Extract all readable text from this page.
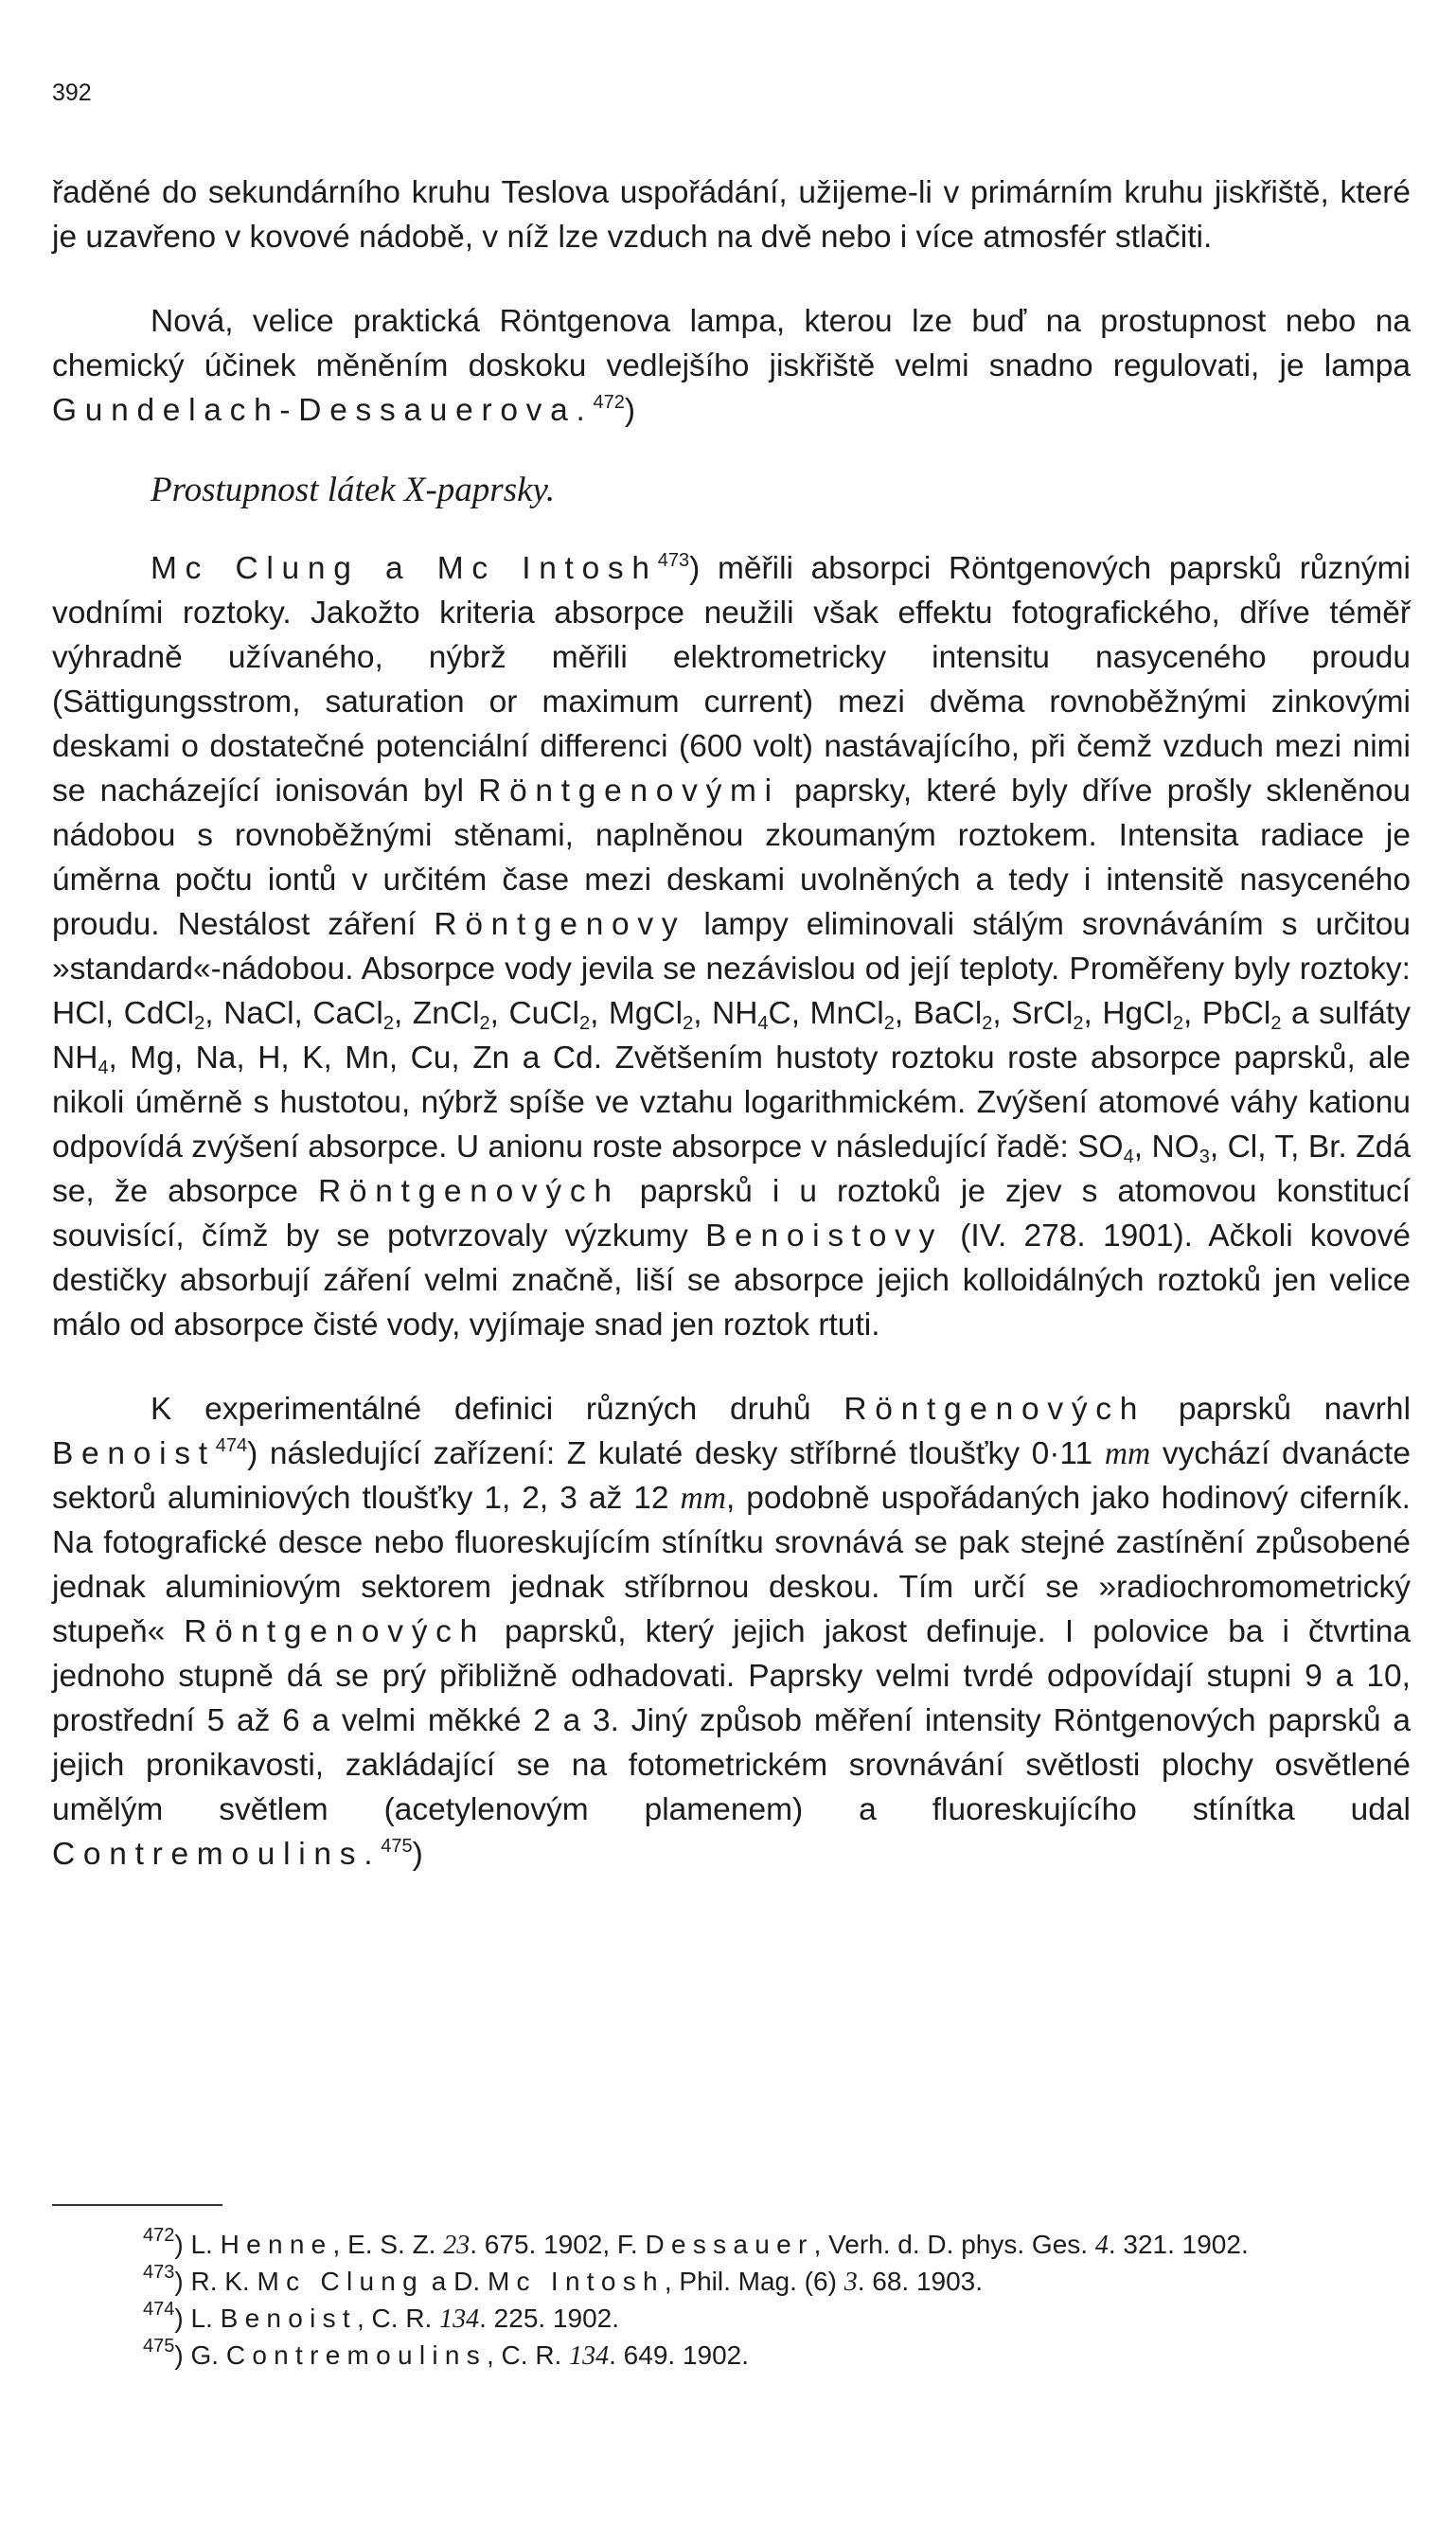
392

řaděné do sekundárního kruhu Teslova uspořádání, užijeme-li v primárním kruhu jiskřiště, které je uzavřeno v kovové nádobě, v níž lze vzduch na dvě nebo i více atmosfér stlačiti.

Nová, velice praktická Röntgenova lampa, kterou lze buď na prostupnost nebo na chemický účinek měněním doskoku vedlejšího jiskřiště velmi snadno regulovati, je lampa Gundelach-Dessauerova.$^{472}$)

Prostupnost látek X-paprsky.

Mc Clung a Mc Intosh$^{473}$) měřili absorpci Röntgenových paprsků různými vodními roztoky. Jakožto kriteria absorpce neužili však effektu fotografického, dříve téměř výhradně užívaného, nýbrž měřili elektrometricky intensitu nasyceného proudu (Sättigungsstrom, saturation or maximum current) mezi dvěma rovnoběžnými zinkovými deskami o dostatečné potenciální differenci (600 volt) nastávajícího, při čemž vzduch mezi nimi se nacházející ionisován byl Röntgenovými paprsky, které byly dříve prošly skleněnou nádobou s rovnoběžnými stěnami, naplněnou zkoumaným roztokem. Intensita radiace je úměrna počtu iontů v určitém čase mezi deskami uvolněných a tedy i intensitě nasyceného proudu. Nestálost záření Röntgenovy lampy eliminovali stálým srovnáváním s určitou »standard«-nádobou. Absorpce vody jevila se nezávislou od její teploty. Proměřeny byly roztoky: HCl, CdCl$_2$, NaCl, CaCl$_2$, ZnCl$_2$, CuCl$_2$, MgCl$_2$, $NH_4C$, MnCl$_2$, BaCl$_2$, SrCl$_2$, HgCl$_2$, PbCl$_2$ a sulfáty $NH_4$, Mg, Na, H, K, Mn, Cu, Zn a Cd. Zvětšením hustoty roztoku roste absorpce paprsků, ale nikoli úměrně s hustotou, nýbrž spíše ve vztahu logarithmickém. Zvýšení atomové váhy kationu odpovídá zvýšení absorpce. U anionu roste absorpce v následující řadě: $SO_4$, $NO_3$, Cl, T, Br. Zdá se, že absorpce Röntgenových paprsků i u roztoků je zjev s atomovou konstitucí souvisící, čímž by se potvrzovaly výzkumy Benoistovy (IV. 278. 1901). Ačkoli kovové destičky absorbují záření velmi značně, liší se absorpce jejich kolloidálných roztoků jen velice málo od absorpce čisté vody, vyjímaje snad jen roztok rtuti.

K experimentálné definici různých druhů Röntgenových paprsků navrhl Benoist$^{474}$) následující zařízení: Z kulaté desky stříbrné tloušťky 0·11 mm vychází dvanácte sektorů aluminiových tloušťky 1, 2, 3 až 12 mm, podobně uspořádaných jako hodinový ciferník. Na fotografické desce nebo fluoreskujícím stínítku srovnává se pak stejné zastínění způsobené jednak aluminiovým sektorem jednak stříbrnou deskou. Tím určí se »radiochromometrický stupeň« Röntgenových paprsků, který jejich jakost definuje. I polovice ba i čtvrtina jednoho stupně dá se prý přibližně odhadovati. Paprsky velmi tvrdé odpovídají stupni 9 a 10, prostřední 5 až 6 a velmi měkké 2 a 3. Jiný způsob měření intensity Röntgenových paprsků a jejich pronikavosti, zakládající se na fotometrickém srovnávání světlosti plochy osvětlené umělým světlem (acetylenovým plamenem) a fluoreskujícího stínítka udal Contremoulins.$^{475}$)

$^{472}$) L. Henne, E. S. Z. 23. 675. 1902, F. Dessauer, Verh. d. D. phys. Ges. 4. 321. 1902.

$^{473}$) R. K. Mc Clung a D. Mc Intosh, Phil. Mag. (6) 3. 68. 1903.

$^{474}$) L. Benoist, C. R. 134. 225. 1902.

$^{475}$) G. Contremoulins, C. R. 134. 649. 1902.
